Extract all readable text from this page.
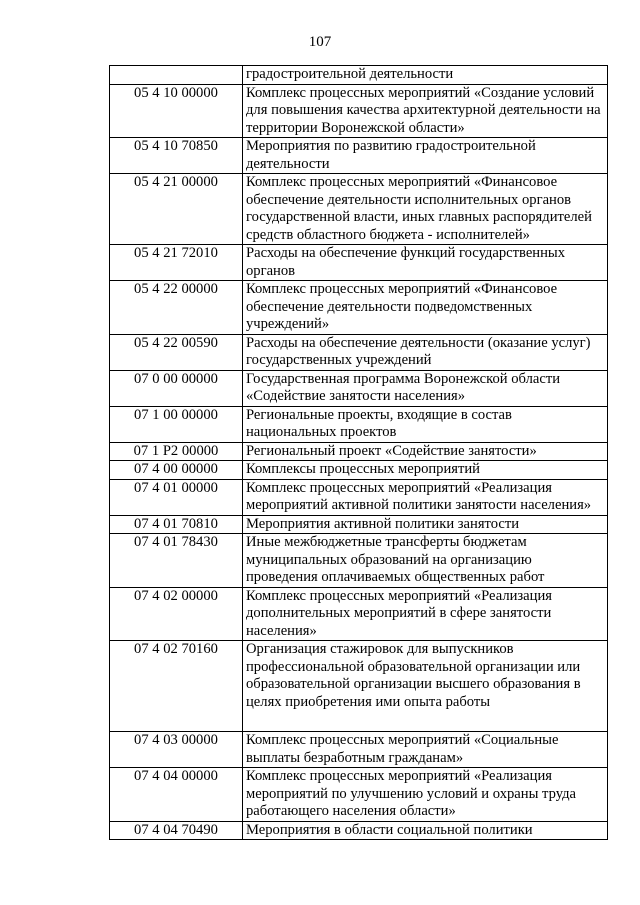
107
	градостроительной деятельности
05 4 10 00000	Комплекс процессных мероприятий «Создание условий для повышения качества архитектурной деятельности на территории Воронежской области»
05 4 10 70850	Мероприятия по развитию градостроительной деятельности
05 4 21 00000	Комплекс процессных мероприятий «Финансовое обеспечение деятельности исполнительных органов государственной власти, иных главных распорядителей средств областного бюджета - исполнителей»
05 4 21 72010	Расходы на обеспечение функций государственных органов
05 4 22 00000	Комплекс процессных мероприятий «Финансовое обеспечение деятельности подведомственных учреждений»
05 4 22 00590	Расходы на обеспечение деятельности (оказание услуг) государственных учреждений
07 0 00 00000	Государственная программа Воронежской области «Содействие занятости населения»
07 1 00 00000	Региональные проекты, входящие в состав национальных проектов
07 1 P2 00000	Региональный проект «Содействие занятости»
07 4 00 00000	Комплексы процессных мероприятий
07 4 01 00000	Комплекс процессных мероприятий «Реализация мероприятий активной политики занятости населения»
07 4 01 70810	Мероприятия активной политики занятости
07 4 01 78430	Иные межбюджетные трансферты бюджетам муниципальных образований на организацию проведения оплачиваемых общественных работ
07 4 02 00000	Комплекс процессных мероприятий «Реализация дополнительных мероприятий в сфере занятости населения»
07 4 02 70160	Организация стажировок для выпускников профессиональной образовательной организации или образовательной организации высшего образования в целях приобретения ими опыта работы
07 4 03 00000	Комплекс процессных мероприятий «Социальные выплаты безработным гражданам»
07 4 04 00000	Комплекс процессных мероприятий «Реализация мероприятий по улучшению условий и охраны труда работающего населения области»
07 4 04 70490	Мероприятия в области социальной политики
